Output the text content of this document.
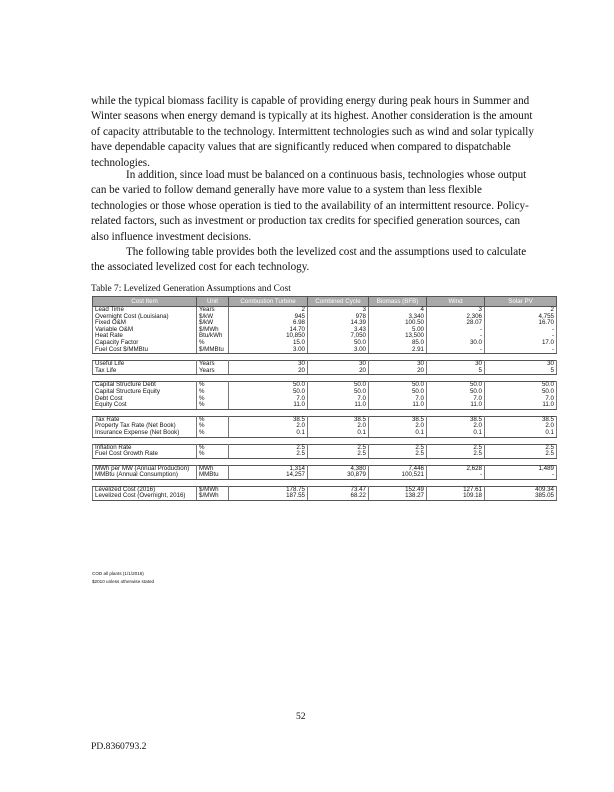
while the typical biomass facility is capable of providing energy during peak hours in Summer and Winter seasons when energy demand is typically at its highest. Another consideration is the amount of capacity attributable to the technology. Intermittent technologies such as wind and solar typically have dependable capacity values that are significantly reduced when compared to dispatchable technologies.

In addition, since load must be balanced on a continuous basis, technologies whose output can be varied to follow demand generally have more value to a system than less flexible technologies or those whose operation is tied to the availability of an intermittent resource. Policy-related factors, such as investment or production tax credits for specified generation sources, can also influence investment decisions.

The following table provides both the levelized cost and the assumptions used to calculate the associated levelized cost for each technology.

Table 7: Levelized Generation Assumptions and Cost
Cost Item	Unit	Combustion Turbine	Combined Cycle	Biomass (BFB)	Wind	Solar PV
Lead Time	Years	2	3	4	3	2
Overnight Cost (Louisiana)	$/kW	945	978	3,340	2,306	4,755
Fixed O&M	$/kW	6.98	14.39	100.50	28.07	16.70
Variable O&M	$/MWh	14.70	3.43	5.00	-	-
Heat Rate	Btu/kWh	10,850	7,050	13,500	-	-
Capacity Factor	%	15.0	50.0	85.0	30.0	17.0
Fuel Cost $/MMBtu	$/MMBtu	3.00	3.00	2.91	-	-

Useful Life	Years	30	30	30	30	30
Tax Life	Years	20	20	20	5	5

Capital Structure Debt	%	50.0	50.0	50.0	50.0	50.0
Capital Structure Equity	%	50.0	50.0	50.0	50.0	50.0
Debt Cost	%	7.0	7.0	7.0	7.0	7.0
Equity Cost	%	11.0	11.0	11.0	11.0	11.0

Tax Rate	%	38.5	38.5	38.5	38.5	38.5
Property Tax Rate (Net Book)	%	2.0	2.0	2.0	2.0	2.0
Insurance Expense (Net Book)	%	0.1	0.1	0.1	0.1	0.1

Inflation Rate	%	2.5	2.5	2.5	2.5	2.5
Fuel Cost Growth Rate	%	2.5	2.5	2.5	2.5	2.5

MWh per MW (Annual Production)	MWh	1,314	4,380	7,446	2,628	1,489
MMBtu (Annual Consumption)	MMBtu	14,257	30,879	100,521	-	-

Levelized Cost (2016)	$/MWh	178.75	73.47	152.49	127.61	409.34
Levelized Cost (Overnight, 2016)	$/MWh	187.55	68.22	138.27	109.18	385.05
COD all plants (1/1/2016)
$2010 unless otherwise stated
52
PD.8360793.2
